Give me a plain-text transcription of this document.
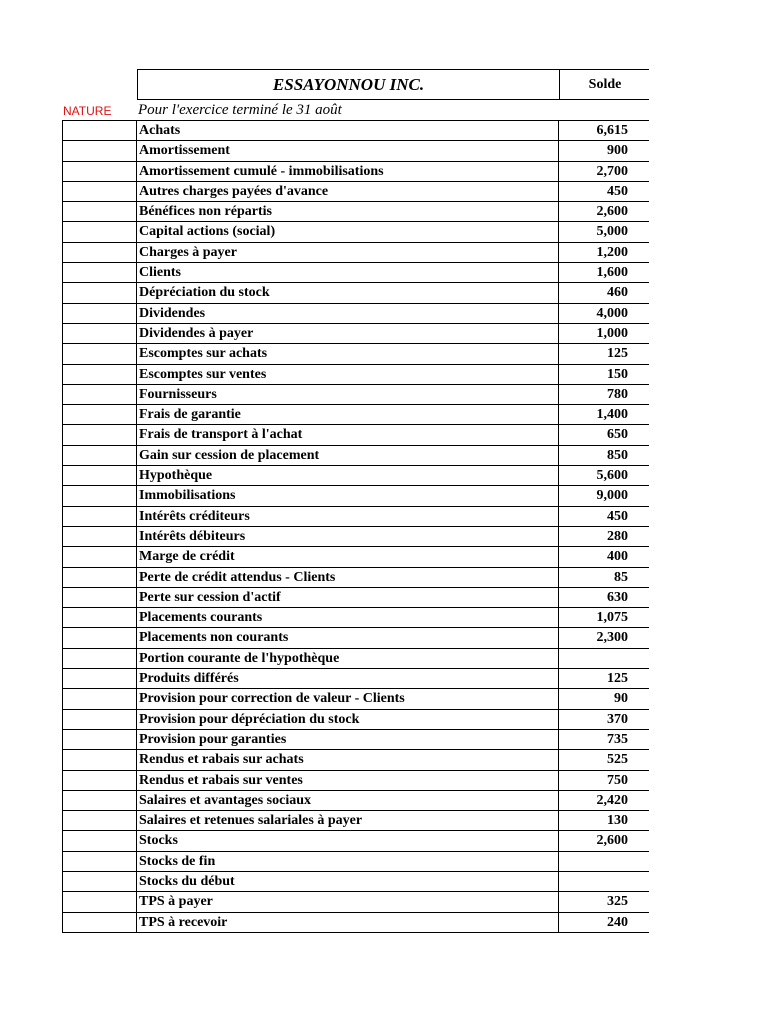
ESSAYONNOU INC.	Solde
NATURE	Pour l'exercice terminé le 31 août
Achats	6,615
Amortissement	900
Amortissement cumulé - immobilisations	2,700
Autres charges payées d'avance	450
Bénéfices non répartis	2,600
Capital actions (social)	5,000
Charges à payer	1,200
Clients	1,600
Dépréciation du stock	460
Dividendes	4,000
Dividendes à payer	1,000
Escomptes sur achats	125
Escomptes sur ventes	150
Fournisseurs	780
Frais de garantie	1,400
Frais de transport à l'achat	650
Gain sur cession de placement	850
Hypothèque	5,600
Immobilisations	9,000
Intérêts créditeurs	450
Intérêts débiteurs	280
Marge de crédit	400
Perte de crédit attendus - Clients	85
Perte sur cession d'actif	630
Placements courants	1,075
Placements non courants	2,300
Portion courante de l'hypothèque
Produits différés	125
Provision pour correction de valeur - Clients	90
Provision pour dépréciation du stock	370
Provision pour garanties	735
Rendus et rabais sur achats	525
Rendus et rabais sur ventes	750
Salaires et avantages sociaux	2,420
Salaires et retenues salariales à payer	130
Stocks	2,600
Stocks de fin
Stocks du début
TPS à payer	325
TPS à recevoir	240
